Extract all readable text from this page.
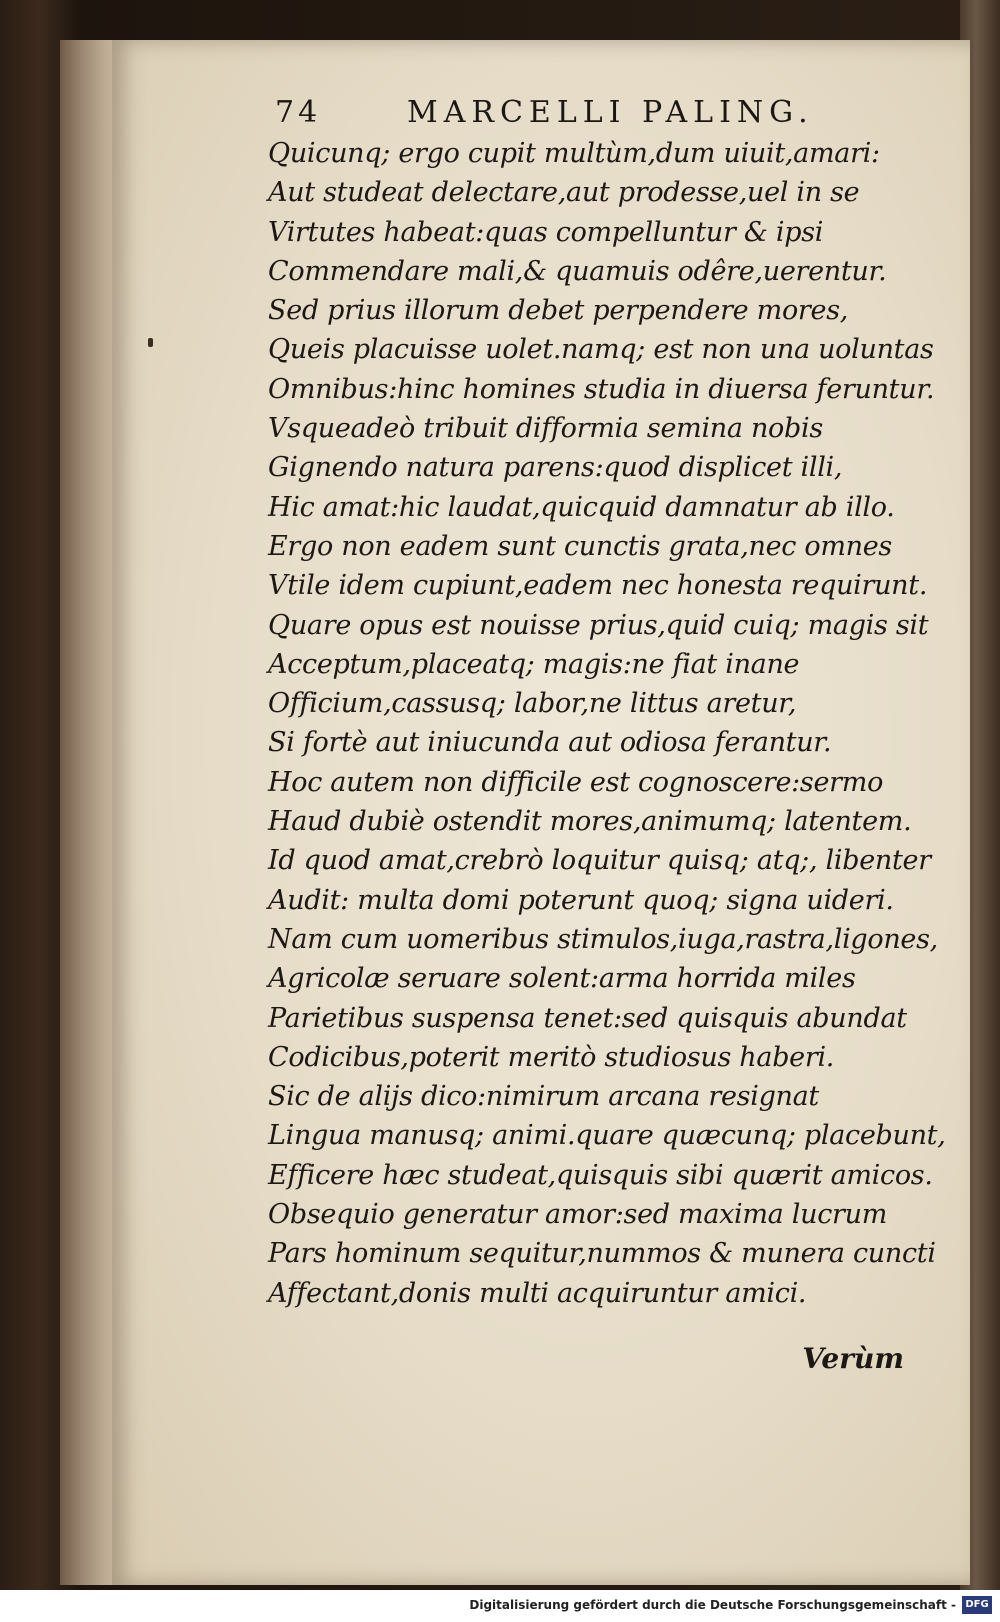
74	MARCELLI PALING.
Quicunq; ergo cupit multùm,dum uiuit,amari:
Aut studeat delectare,aut prodesse,uel in se
Virtutes habeat:quas compelluntur & ipsi
Commendare mali,& quamuis odêre,uerentur.
Sed prius illorum debet perpendere mores,
Queis placuisse uolet.namq; est non una uoluntas
Omnibus:hinc homines studia in diuersa feruntur.
Vsqueadeò tribuit difformia semina nobis
Gignendo natura parens:quod displicet illi,
Hic amat:hic laudat,quicquid damnatur ab illo.
Ergo non eadem sunt cunctis grata,nec omnes
Vtile idem cupiunt,eadem nec honesta requirunt.
Quare opus est nouisse prius,quid cuiq; magis sit
Acceptum,placeatq; magis:ne fiat inane
Officium,cassusq; labor,ne littus aretur,
Si fortè aut iniucunda aut odiosa ferantur.
Hoc autem non difficile est cognoscere:sermo
Haud dubiè ostendit mores,animumq; latentem.
Id quod amat,crebrò loquitur quisq; atq;, libenter
Audit: multa domi poterunt quoq; signa uideri.
Nam cum uomeribus stimulos,iuga,rastra,ligones,
Agricolæ seruare solent:arma horrida miles
Parietibus suspensa tenet:sed quisquis abundat
Codicibus,poterit meritò studiosus haberi.
Sic de alijs dico:nimirum arcana resignat
Lingua manusq; animi.quare quæcunq; placebunt,
Efficere hæc studeat,quisquis sibi quærit amicos.
Obsequio generatur amor:sed maxima lucrum
Pars hominum sequitur,nummos & munera cuncti
Affectant,donis multi acquiruntur amici.
Verùm
Digitalisierung gefördert durch die Deutsche Forschungsgemeinschaft - DFG
